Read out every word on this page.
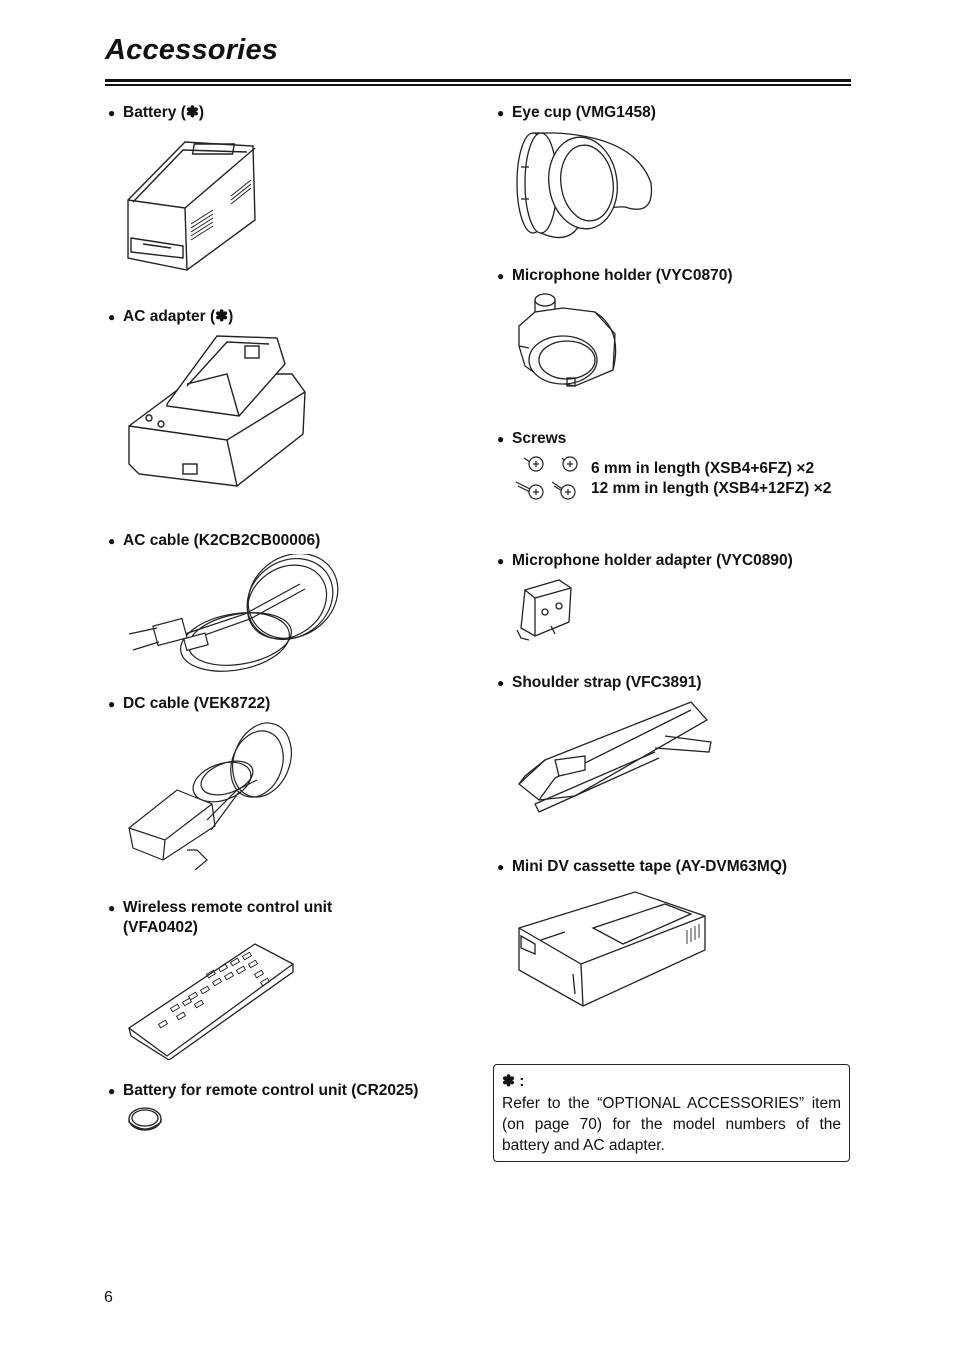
Accessories
● Battery (✽)
● AC adapter (✽)
● AC cable (K2CB2CB00006)
● DC cable (VEK8722)
● Wireless remote control unit
(VFA0402)
● Battery for remote control unit (CR2025)
● Eye cup (VMG1458)
● Microphone holder (VYC0870)
● Screws
6 mm in length (XSB4+6FZ) ×2
12 mm in length (XSB4+12FZ) ×2
● Microphone holder adapter (VYC0890)
● Shoulder strap (VFC3891)
● Mini DV cassette tape (AY-DVM63MQ)
✽ :
Refer to the “OPTIONAL ACCESSORIES” item (on page 70) for the model numbers of the battery and AC adapter.
6
